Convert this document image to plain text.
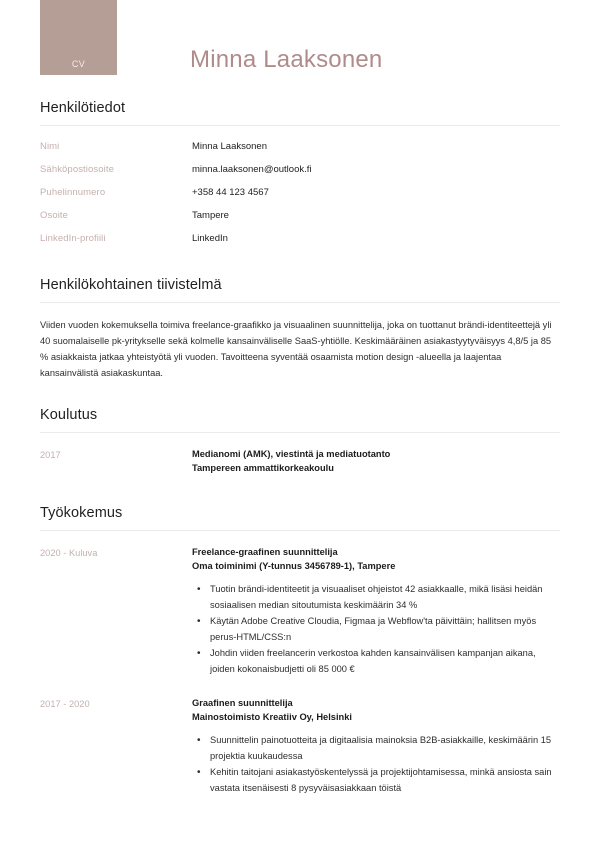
CV	Minna Laaksonen
Henkilötiedot
Nimi	Minna Laaksonen
Sähköpostiosoite	minna.laaksonen@outlook.fi
Puhelinnumero	+358 44 123 4567
Osoite	Tampere
LinkedIn-profiili	LinkedIn
Henkilökohtainen tiivistelmä

Viiden vuoden kokemuksella toimiva freelance-graafikko ja visuaalinen suunnittelija, joka on tuottanut brändi-identiteettejä yli 40 suomalaiselle pk-yritykselle sekä kolmelle kansainväliselle SaaS-yhtiölle. Keskimääräinen asiakastyytyväisyys 4,8/5 ja 85 % asiakkaista jatkaa yhteistyötä yli vuoden. Tavoitteena syventää osaamista motion design -alueella ja laajentaa kansainvälistä asiakaskuntaa.

Koulutus
2017	Medianomi (AMK), viestintä ja mediatuotanto
Tampereen ammattikorkeakoulu
Työkokemus
2020 - Kuluva	Freelance-graafinen suunnittelija
Oma toiminimi (Y-tunnus 3456789-1), Tampere
• Tuotin brändi-identiteetit ja visuaaliset ohjeistot 42 asiakkaalle, mikä lisäsi heidän sosiaalisen median sitoutumista keskimäärin 34 %
• Käytän Adobe Creative Cloudia, Figmaa ja Webflow'ta päivittäin; hallitsen myös perus-HTML/CSS:n
• Johdin viiden freelancerin verkostoa kahden kansainvälisen kampanjan aikana, joiden kokonaisbudjetti oli 85 000 €
2017 - 2020	Graafinen suunnittelija
Mainostoimisto Kreatiiv Oy, Helsinki
• Suunnittelin painotuotteita ja digitaalisia mainoksia B2B-asiakkaille, keskimäärin 15 projektia kuukaudessa
• Kehitin taitojani asiakastyöskentelyssä ja projektijohtamisessa, minkä ansiosta sain vastata itsenäisesti 8 pysyväisasiakkaan töistä
